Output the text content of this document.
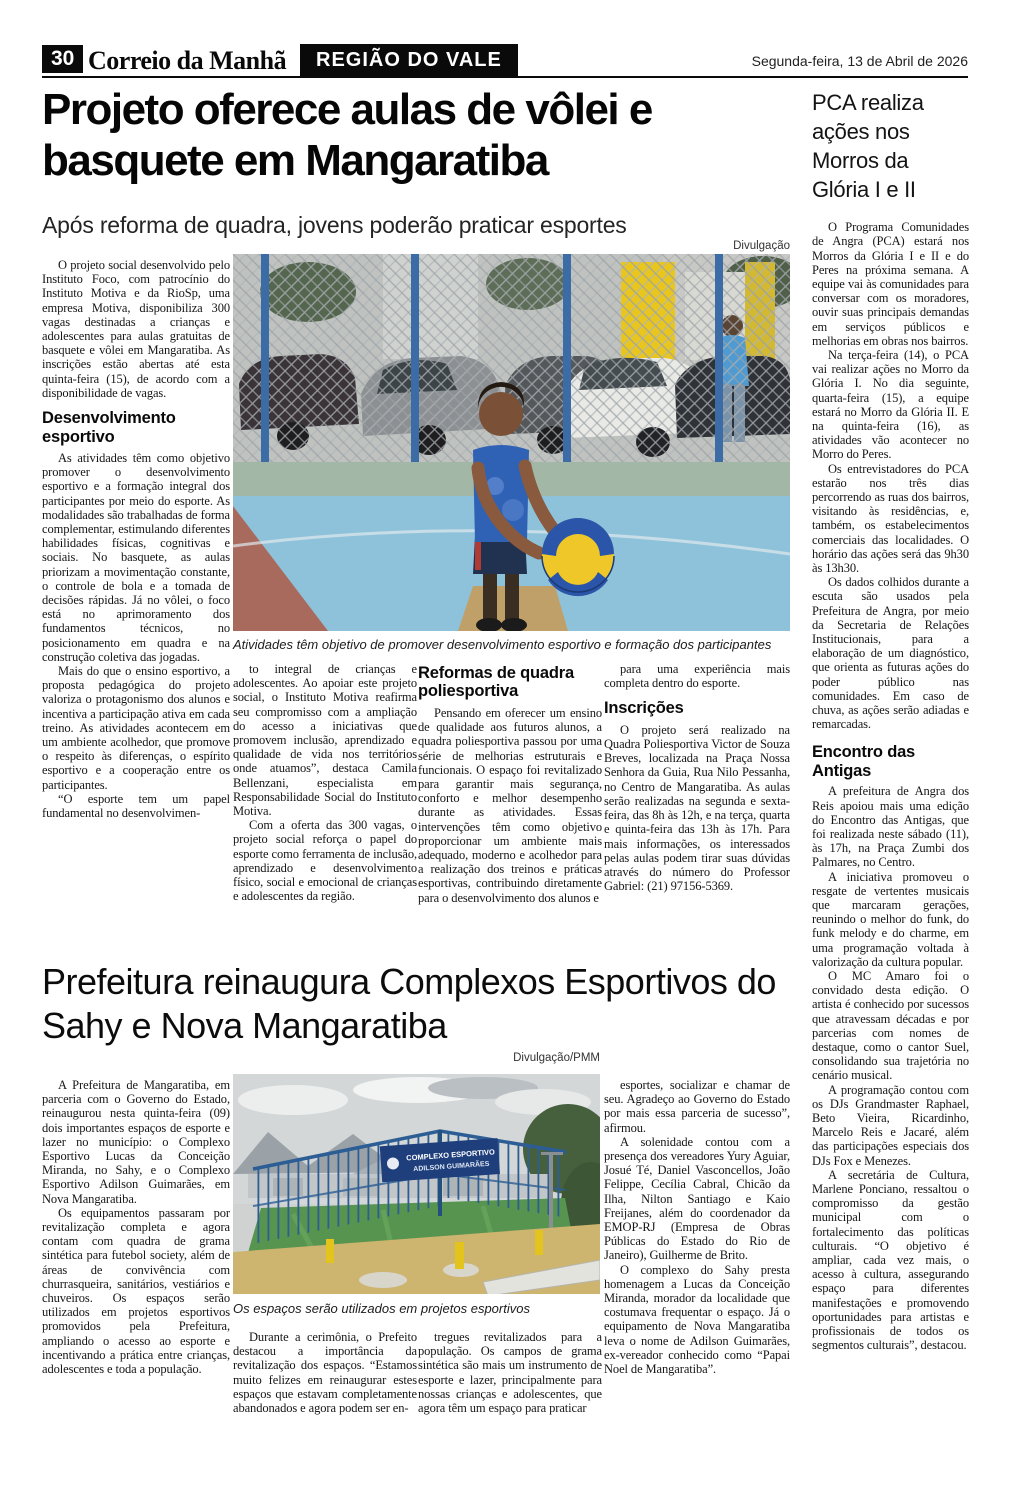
30 Correio da Manhã	REGIÃO DO VALE	Segunda-feira, 13 de Abril de 2026
Projeto oferece aulas de vôlei e basquete em Mangaratiba
Após reforma de quadra, jovens poderão praticar esportes
Divulgação
Atividades têm objetivo de promover desenvolvimento esportivo e formação dos participantes

O projeto social desenvolvido pelo Instituto Foco, com patrocínio do Instituto Motiva e da RioSp, uma empresa Motiva, disponibiliza 300 vagas destinadas a crianças e adolescentes para aulas gratuitas de basquete e vôlei em Mangaratiba. As inscrições estão abertas até esta quinta-feira (15), de acordo com a disponibilidade de vagas.

Desenvolvimento esportivo

As atividades têm como objetivo promover o desenvolvimento esportivo e a formação integral dos participantes por meio do esporte. As modalidades são trabalhadas de forma complementar, estimulando diferentes habilidades físicas, cognitivas e sociais. No basquete, as aulas priorizam a movimentação constante, o controle de bola e a tomada de decisões rápidas. Já no vôlei, o foco está no aprimoramento dos fundamentos técnicos, no posicionamento em quadra e na construção coletiva das jogadas.

Mais do que o ensino esportivo, a proposta pedagógica do projeto valoriza o protagonismo dos alunos e incentiva a participação ativa em cada treino. As atividades acontecem em um ambiente acolhedor, que promove o respeito às diferenças, o espírito esportivo e a cooperação entre os participantes.

“O esporte tem um papel fundamental no desenvolvimen-

to integral de crianças e adolescentes. Ao apoiar este projeto social, o Instituto Motiva reafirma seu compromisso com a ampliação do acesso a iniciativas que promovem inclusão, aprendizado e qualidade de vida nos territórios onde atuamos”, destaca Camila Bellenzani, especialista em Responsabilidade Social do Instituto Motiva.

Com a oferta das 300 vagas, o projeto social reforça o papel do esporte como ferramenta de inclusão, aprendizado e desenvolvimento físico, social e emocional de crianças e adolescentes da região.

Reformas de quadra poliesportiva

Pensando em oferecer um ensino de qualidade aos futuros alunos, a quadra poliesportiva passou por uma série de melhorias estruturais e funcionais. O espaço foi revitalizado para garantir mais segurança, conforto e melhor desempenho durante as atividades. Essas intervenções têm como objetivo proporcionar um ambiente mais adequado, moderno e acolhedor para a realização dos treinos e práticas esportivas, contribuindo diretamente para o desenvolvimento dos alunos e

para uma experiência mais completa dentro do esporte.

Inscrições

O projeto será realizado na Quadra Poliesportiva Victor de Souza Breves, localizada na Praça Nossa Senhora da Guia, Rua Nilo Pessanha, no Centro de Mangaratiba. As aulas serão realizadas na segunda e sexta-feira, das 8h às 12h, e na terça, quarta e quinta-feira das 13h às 17h. Para mais informações, os interessados pelas aulas podem tirar suas dúvidas através do número do Professor Gabriel: (21) 97156-5369.

PCA realiza ações nos Morros da Glória I e II

O Programa Comunidades de Angra (PCA) estará nos Morros da Glória I e II e do Peres na próxima semana. A equipe vai às comunidades para conversar com os moradores, ouvir suas principais demandas em serviços públicos e melhorias em obras nos bairros.

Na terça-feira (14), o PCA vai realizar ações no Morro da Glória I. No dia seguinte, quarta-feira (15), a equipe estará no Morro da Glória II. E na quinta-feira (16), as atividades vão acontecer no Morro do Peres.

Os entrevistadores do PCA estarão nos três dias percorrendo as ruas dos bairros, visitando às residências, e, também, os estabelecimentos comerciais das localidades. O horário das ações será das 9h30 às 13h30.

Os dados colhidos durante a escuta são usados pela Prefeitura de Angra, por meio da Secretaria de Relações Institucionais, para a elaboração de um diagnóstico, que orienta as futuras ações do poder público nas comunidades. Em caso de chuva, as ações serão adiadas e remarcadas.

Encontro das Antigas

A prefeitura de Angra dos Reis apoiou mais uma edição do Encontro das Antigas, que foi realizada neste sábado (11), às 17h, na Praça Zumbi dos Palmares, no Centro.

A iniciativa promoveu o resgate de vertentes musicais que marcaram gerações, reunindo o melhor do funk, do funk melody e do charme, em uma programação voltada à valorização da cultura popular.

O MC Amaro foi o convidado desta edição. O artista é conhecido por sucessos que atravessam décadas e por parcerias com nomes de destaque, como o cantor Suel, consolidando sua trajetória no cenário musical.

A programação contou com os DJs Grandmaster Raphael, Beto Vieira, Ricardinho, Marcelo Reis e Jacaré, além das participações especiais dos DJs Fox e Menezes.

A secretária de Cultura, Marlene Ponciano, ressaltou o compromisso da gestão municipal com o fortalecimento das políticas culturais. “O objetivo é ampliar, cada vez mais, o acesso à cultura, assegurando espaço para diferentes manifestações e promovendo oportunidades para artistas e profissionais de todos os segmentos culturais”, destacou.

Prefeitura reinaugura Complexos Esportivos do Sahy e Nova Mangaratiba
Divulgação/PMM
COMPLEXO ESPORTIVO
ADILSON GUIMARÃES
Os espaços serão utilizados em projetos esportivos

A Prefeitura de Mangaratiba, em parceria com o Governo do Estado, reinaugurou nesta quinta-feira (09) dois importantes espaços de esporte e lazer no município: o Complexo Esportivo Lucas da Conceição Miranda, no Sahy, e o Complexo Esportivo Adilson Guimarães, em Nova Mangaratiba.

Os equipamentos passaram por revitalização completa e agora contam com quadra de grama sintética para futebol society, além de áreas de convivência com churrasqueira, sanitários, vestiários e chuveiros. Os espaços serão utilizados em projetos esportivos promovidos pela Prefeitura, ampliando o acesso ao esporte e incentivando a prática entre crianças, adolescentes e toda a população.

Durante a cerimônia, o Prefeito destacou a importância da revitalização dos espaços. “Estamos muito felizes em reinaugurar estes espaços que estavam completamente abandonados e agora podem ser en-

tregues revitalizados para a população. Os campos de grama sintética são mais um instrumento de esporte e lazer, principalmente para nossas crianças e adolescentes, que agora têm um espaço para praticar

esportes, socializar e chamar de seu. Agradeço ao Governo do Estado por mais essa parceria de sucesso”, afirmou.

A solenidade contou com a presença dos vereadores Yury Aguiar, Josué Té, Daniel Vasconcellos, João Felippe, Cecília Cabral, Chicão da Ilha, Nilton Santiago e Kaio Freijanes, além do coordenador da EMOP-RJ (Empresa de Obras Públicas do Estado do Rio de Janeiro), Guilherme de Brito.

O complexo do Sahy presta homenagem a Lucas da Conceição Miranda, morador da localidade que costumava frequentar o espaço. Já o equipamento de Nova Mangaratiba leva o nome de Adilson Guimarães, ex-vereador conhecido como “Papai Noel de Mangaratiba”.
